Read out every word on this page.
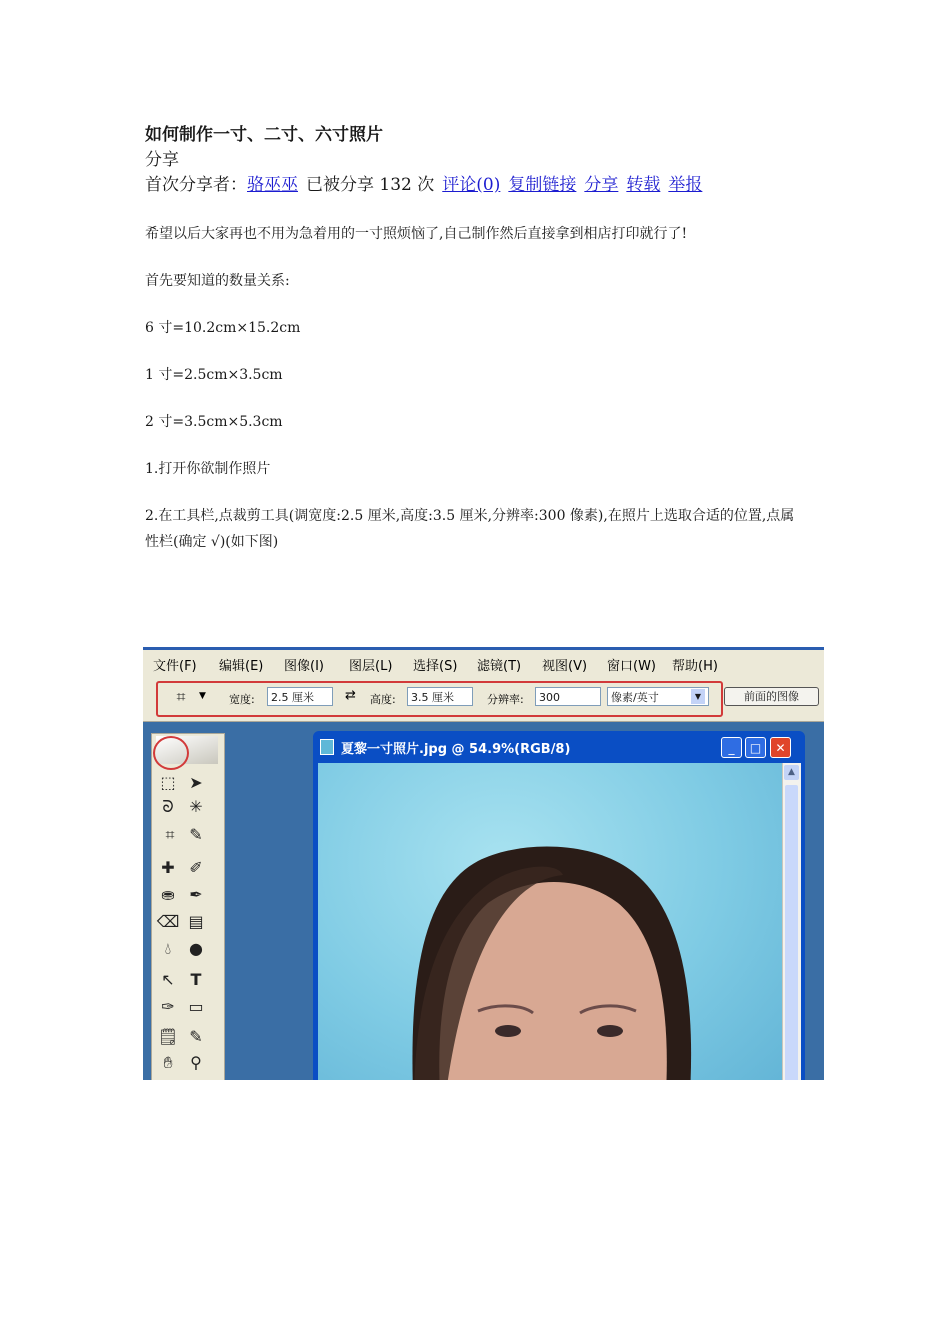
如何制作一寸、二寸、六寸照片

分享

首次分享者：骆巫巫 已被分享 132 次 评论(0) 复制链接 分享 转载 举报

希望以后大家再也不用为急着用的一寸照烦恼了,自己制作然后直接拿到相店打印就行了!

首先要知道的数量关系:

6 寸=10.2cm×15.2cm

1 寸=2.5cm×3.5cm

2 寸=3.5cm×5.3cm

1.打开你欲制作照片

2.在工具栏,点裁剪工具(调宽度:2.5 厘米,高度:3.5 厘米,分辨率:300 像素),在照片上选取合适的位置,点属性栏(确定 √)(如下图)

文件(F) 编辑(E) 图像(I) 图层(L) 选择(S) 滤镜(T) 视图(V) 窗口(W) 帮助(H)
⌗	▼ 宽度:	2.5 厘米	⇄ 高度:	3.5 厘米	分辨率:	300	像素/英寸	▼	前面的图像
⬚ ➤
ᘐ ✳
⌗ ✎
✚ ✐
⛂ ✒
⌫ ▤
💧︎	●
↖ T
✑ ▭
🗒︎ ✎
✋︎	⚲
夏黎一寸照片.jpg @ 54.9%(RGB/8)	_	□	✕
▲
